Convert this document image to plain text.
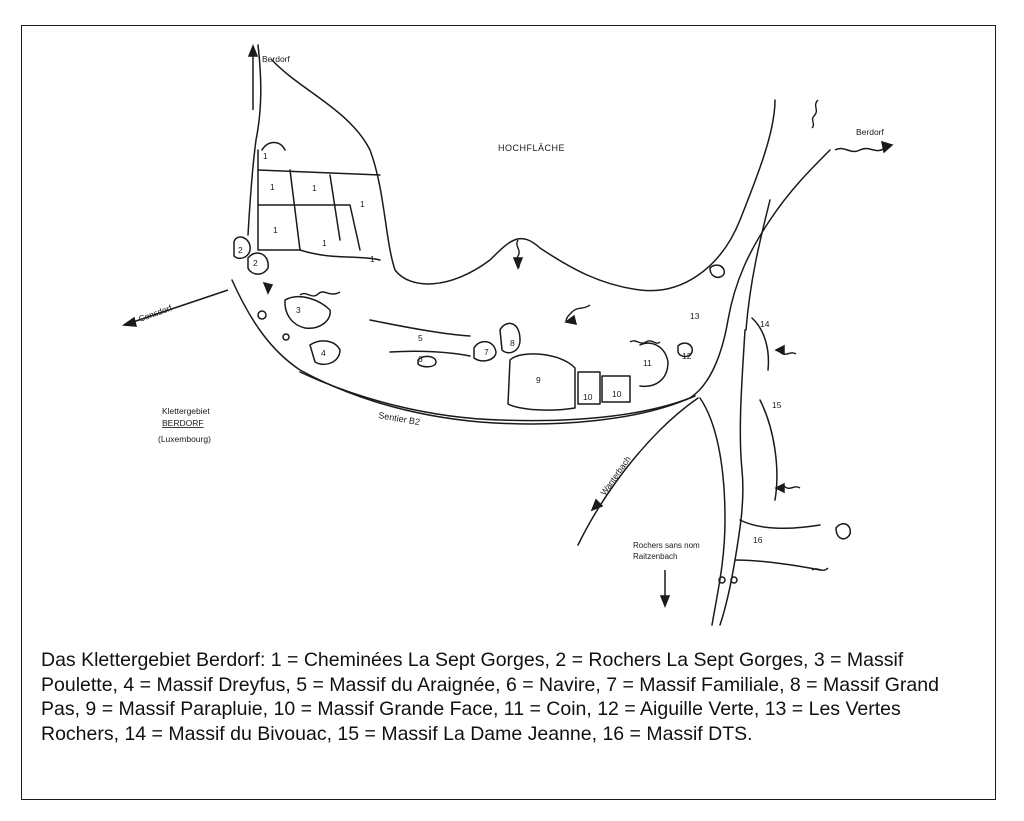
HOCHFLÄCHE
Berdorf
Berdorf
Consdorf
Sentier B2
Wanterbach
Rochers sans nom
Raitzenbach
Klettergebiet
BERDORF
(Luxembourg)
1
1	1
1
1
1
1
2
2
3
4
5
6
7
8
9
10 10
11
12
13
14
15
16
Das Klettergebiet Berdorf: 1 = Cheminées La Sept Gorges, 2 = Rochers La Sept Gorges, 3 = Massif Poulette, 4 = Massif Dreyfus, 5 = Massif du Araignée, 6 = Navire, 7 = Massif Familiale, 8 = Massif Grand Pas, 9 = Massif Parapluie, 10 = Massif Grande Face, 11 = Coin, 12 = Aiguille Verte, 13 = Les Vertes Rochers, 14 = Massif du Bivouac, 15 = Massif La Dame Jeanne, 16 = Massif DTS.
